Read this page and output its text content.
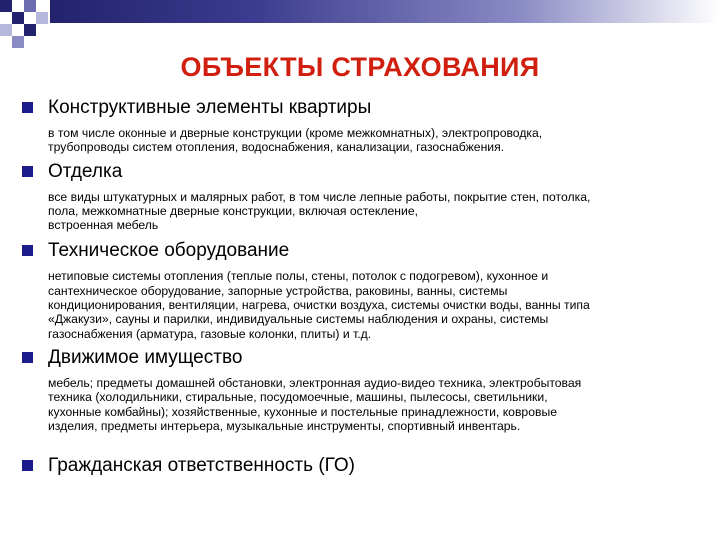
ОБЪЕКТЫ СТРАХОВАНИЯ
Конструктивные элементы квартиры
в том числе оконные и дверные конструкции (кроме межкомнатных), электропроводка,
трубопроводы систем отопления, водоснабжения, канализации, газоснабжения.
Отделка
все виды штукатурных и малярных работ, в том числе лепные работы, покрытие стен, потолка,
пола, межкомнатные дверные конструкции, включая остекление,
встроенная мебель
Техническое оборудование
нетиповые системы отопления (теплые полы, стены, потолок с подогревом), кухонное и
сантехническое оборудование, запорные устройства, раковины, ванны, системы
кондиционирования, вентиляции, нагрева, очистки воздуха, системы очистки воды, ванны типа
«Джакузи», сауны и парилки, индивидуальные системы наблюдения и охраны, системы
газоснабжения (арматура, газовые колонки, плиты) и т.д.
Движимое имущество
мебель; предметы домашней обстановки, электронная аудио-видео техника, электробытовая
техника (холодильники, стиральные, посудомоечные, машины, пылесосы, светильники,
кухонные комбайны); хозяйственные, кухонные и постельные принадлежности, ковровые
изделия, предметы интерьера, музыкальные инструменты, спортивный инвентарь.
Гражданская ответственность (ГО)
